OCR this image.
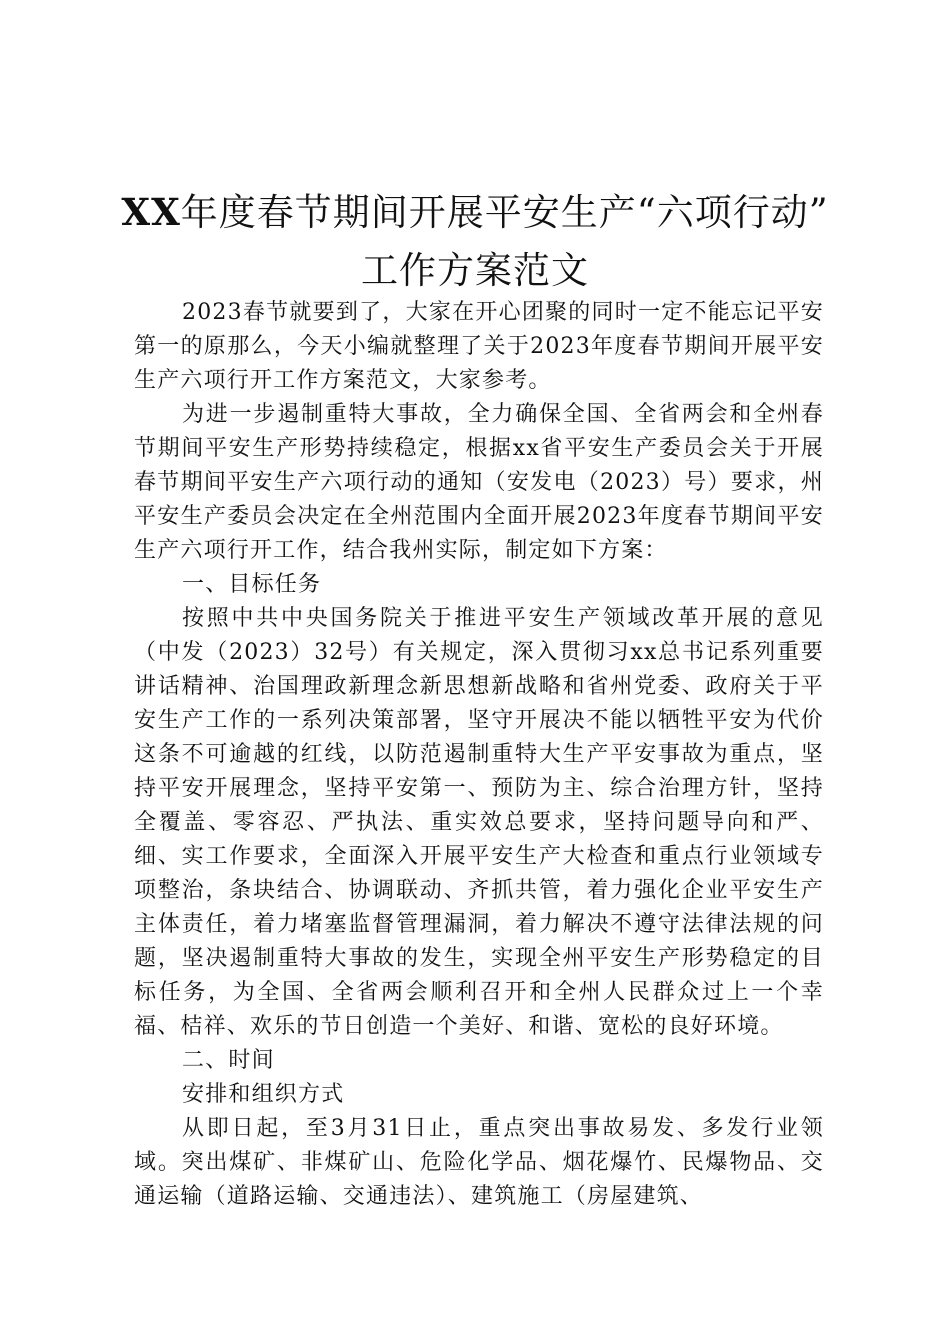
XX年度春节期间开展平安生产“六项行动”
工作方案范文

2023春节就要到了，大家在开心团聚的同时一定不能忘记平安第一的原那么，今天小编就整理了关于2023年度春节期间开展平安生产六项行开工作方案范文，大家参考。

为进一步遏制重特大事故，全力确保全国、全省两会和全州春节期间平安生产形势持续稳定，根据xx省平安生产委员会关于开展春节期间平安生产六项行动的通知（安发电（2023）号）要求，州平安生产委员会决定在全州范围内全面开展2023年度春节期间平安生产六项行开工作，结合我州实际，制定如下方案：

一、目标任务

按照中共中央国务院关于推进平安生产领域改革开展的意见（中发（2023）32号）有关规定，深入贯彻习xx总书记系列重要讲话精神、治国理政新理念新思想新战略和省州党委、政府关于平安生产工作的一系列决策部署，坚守开展决不能以牺牲平安为代价这条不可逾越的红线，以防范遏制重特大生产平安事故为重点，坚持平安开展理念，坚持平安第一、预防为主、综合治理方针，坚持全覆盖、零容忍、严执法、重实效总要求，坚持问题导向和严、细、实工作要求，全面深入开展平安生产大检查和重点行业领域专项整治，条块结合、协调联动、齐抓共管，着力强化企业平安生产主体责任，着力堵塞监督管理漏洞，着力解决不遵守法律法规的问题，坚决遏制重特大事故的发生，实现全州平安生产形势稳定的目标任务，为全国、全省两会顺利召开和全州人民群众过上一个幸福、桔祥、欢乐的节日创造一个美好、和谐、宽松的良好环境。

二、时间

安排和组织方式

从即日起，至3月31日止，重点突出事故易发、多发行业领域。突出煤矿、非煤矿山、危险化学品、烟花爆竹、民爆物品、交通运输（道路运输、交通违法）、建筑施工（房屋建筑、
